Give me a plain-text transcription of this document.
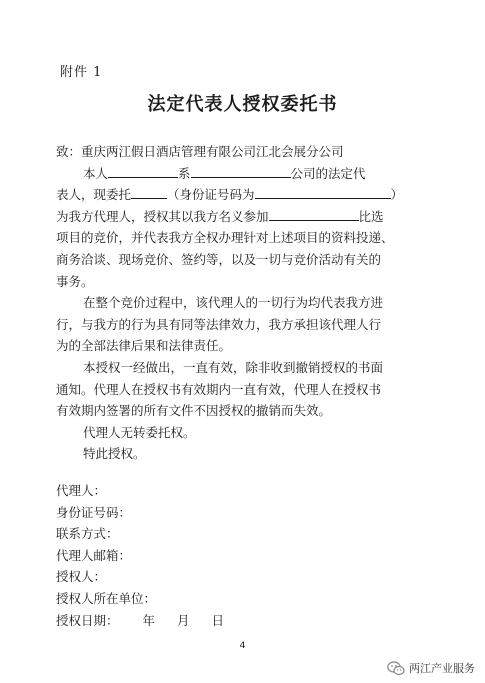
附件 1
法定代表人授权委托书
致：重庆两江假日酒店管理有限公司江北会展分公司
本人	系	公司的法定代
表人，现委托	（身份证号码为	）
为我方代理人，授权其以我方名义参加	比选
项目的竞价，并代表我方全权办理针对上述项目的资料投递、
商务洽谈、现场竞价、签约等，以及一切与竞价活动有关的
事务。
在整个竞价过程中，该代理人的一切行为均代表我方进
行，与我方的行为具有同等法律效力，我方承担该代理人行
为的全部法律后果和法律责任。
本授权一经做出，一直有效，除非收到撤销授权的书面
通知。代理人在授权书有效期内一直有效，代理人在授权书
有效期内签署的所有文件不因授权的撤销而失效。
代理人无转委托权。
特此授权。
代理人：
身份证号码：
联系方式：
代理人邮箱：
授权人：
授权人所在单位：
授权日期： 年 月 日
4
两江产业服务
